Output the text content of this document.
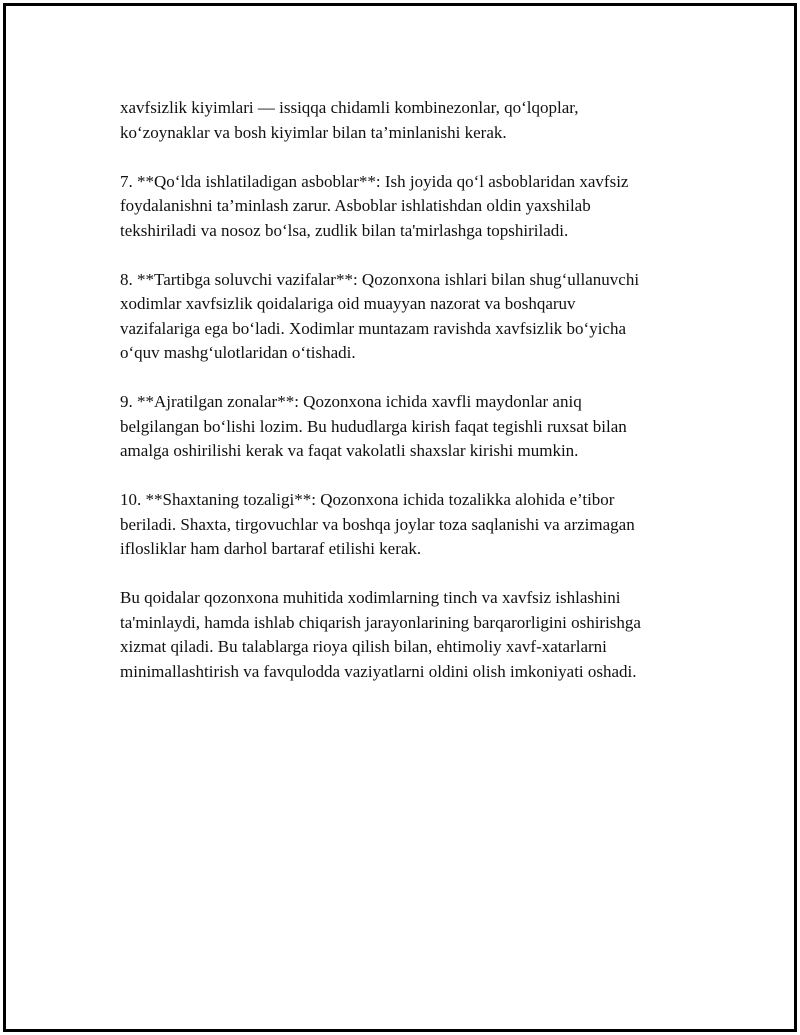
xavfsizlik kiyimlari — issiqqa chidamli kombinezonlar, qo‘lqoplar,
ko‘zoynaklar va bosh kiyimlar bilan ta’minlanishi kerak.

7. **Qo‘lda ishlatiladigan asboblar**: Ish joyida qo‘l asboblaridan xavfsiz
foydalanishni ta’minlash zarur. Asboblar ishlatishdan oldin yaxshilab
tekshiriladi va nosoz bo‘lsa, zudlik bilan ta'mirlashga topshiriladi.

8. **Tartibga soluvchi vazifalar**: Qozonxona ishlari bilan shug‘ullanuvchi
xodimlar xavfsizlik qoidalariga oid muayyan nazorat va boshqaruv
vazifalariga ega bo‘ladi. Xodimlar muntazam ravishda xavfsizlik bo‘yicha
o‘quv mashg‘ulotlaridan o‘tishadi.

9. **Ajratilgan zonalar**: Qozonxona ichida xavfli maydonlar aniq
belgilangan bo‘lishi lozim. Bu hududlarga kirish faqat tegishli ruxsat bilan
amalga oshirilishi kerak va faqat vakolatli shaxslar kirishi mumkin.

10. **Shaxtaning tozaligi**: Qozonxona ichida tozalikka alohida e’tibor
beriladi. Shaxta, tirgovuchlar va boshqa joylar toza saqlanishi va arzimagan
iflosliklar ham darhol bartaraf etilishi kerak.

Bu qoidalar qozonxona muhitida xodimlarning tinch va xavfsiz ishlashini
ta'minlaydi, hamda ishlab chiqarish jarayonlarining barqarorligini oshirishga
xizmat qiladi. Bu talablarga rioya qilish bilan, ehtimoliy xavf-xatarlarni
minimallashtirish va favqulodda vaziyatlarni oldini olish imkoniyati oshadi.
